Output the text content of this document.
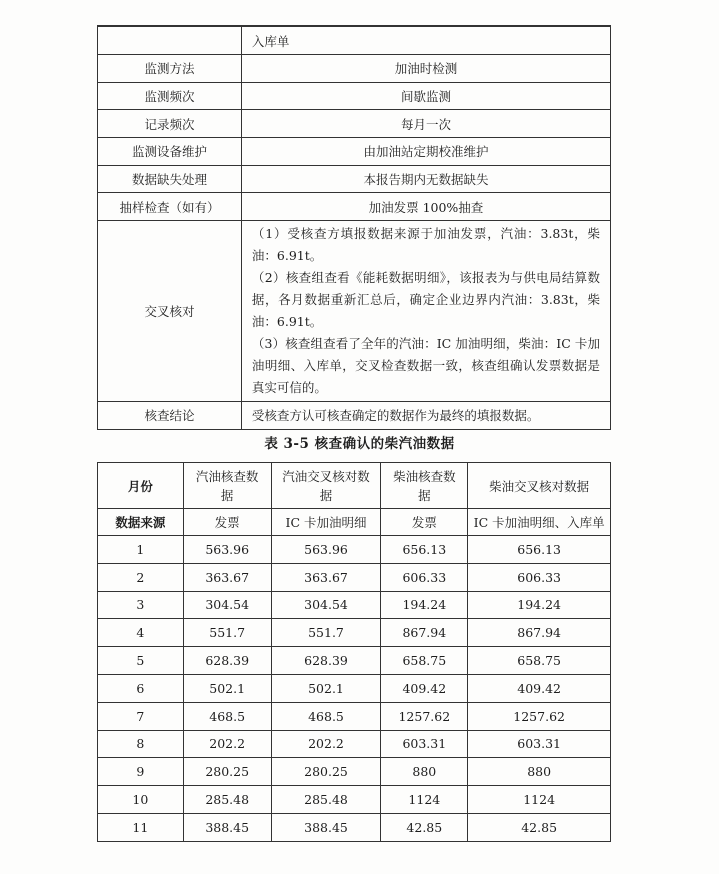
	入库单
监测方法	加油时检测
监测频次	间歇监测
记录频次	每月一次
监测设备维护	由加油站定期校准维护
数据缺失处理	本报告期内无数据缺失
抽样检查（如有）	加油发票 100%抽查
交叉核对	（1）受核查方填报数据来源于加油发票，汽油：3.83t，柴油：6.91t。

（2）核查组查看《能耗数据明细》，该报表为与供电局结算数据，各月数据重新汇总后，确定企业边界内汽油：3.83t，柴油：6.91t。

（3）核查组查看了全年的汽油：IC 加油明细，柴油：IC 卡加油明细、入库单，交叉检查数据一致，核查组确认发票数据是真实可信的。

核查结论	受核查方认可核查确定的数据作为最终的填报数据。
表 3-5 核查确认的柴汽油数据
月份	汽油核查数据	汽油交叉核对数据	柴油核查数据	柴油交叉核对数据
数据来源	发票	IC 卡加油明细	发票	IC 卡加油明细、入库单
1	563.96	563.96	656.13	656.13
2	363.67	363.67	606.33	606.33
3	304.54	304.54	194.24	194.24
4	551.7	551.7	867.94	867.94
5	628.39	628.39	658.75	658.75
6	502.1	502.1	409.42	409.42
7	468.5	468.5	1257.62	1257.62
8	202.2	202.2	603.31	603.31
9	280.25	280.25	880	880
10	285.48	285.48	1124	1124
11	388.45	388.45	42.85	42.85
